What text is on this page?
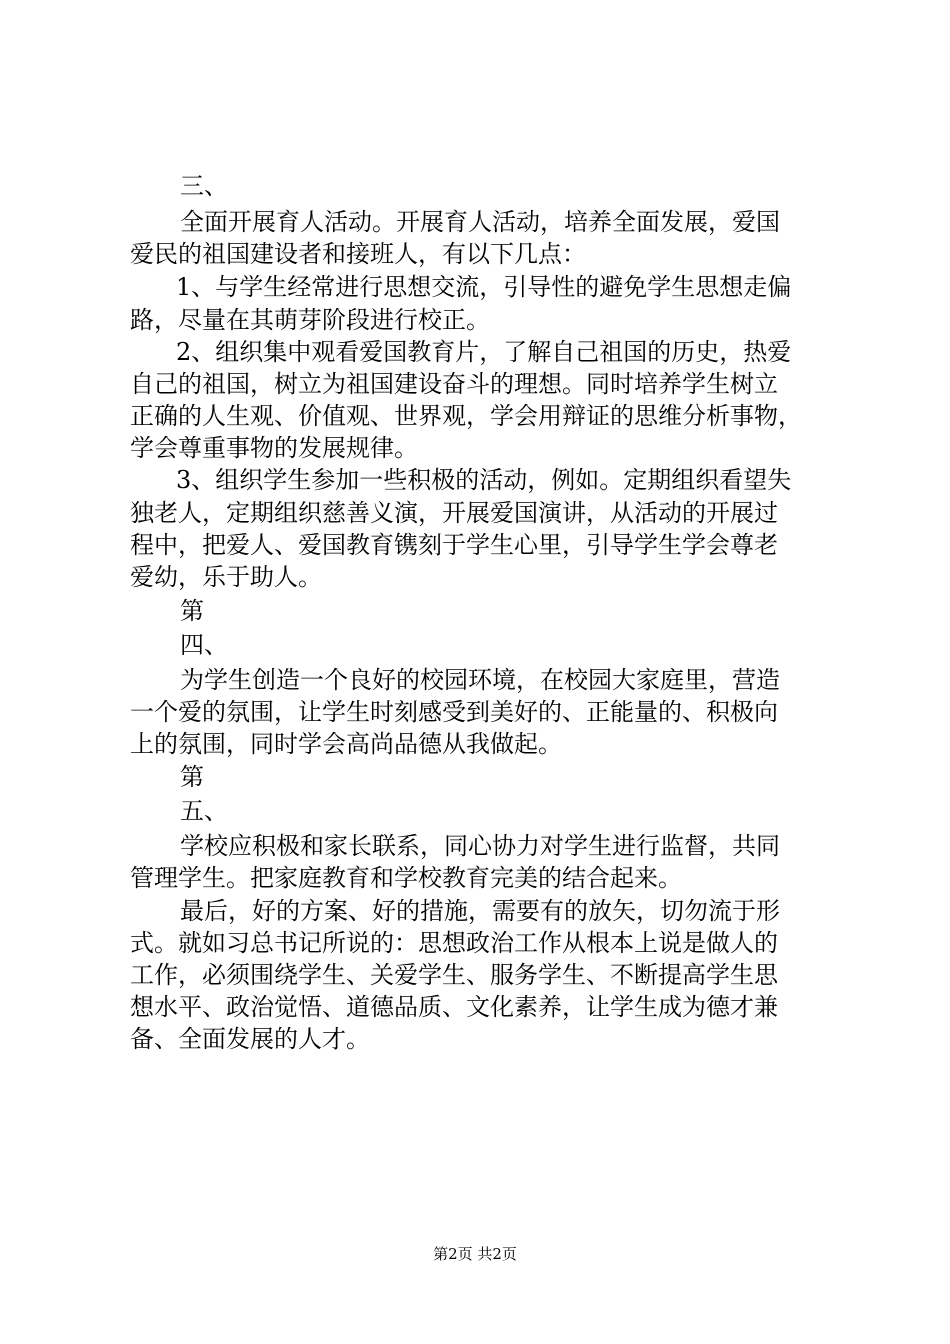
三、
全面开展育人活动。开展育人活动，培养全面发展，爱国
爱民的祖国建设者和接班人，有以下几点：
1、与学生经常进行思想交流，引导性的避免学生思想走偏
路，尽量在其萌芽阶段进行校正。
2、组织集中观看爱国教育片，了解自己祖国的历史，热爱
自己的祖国，树立为祖国建设奋斗的理想。同时培养学生树立
正确的人生观、价值观、世界观，学会用辩证的思维分析事物，
学会尊重事物的发展规律。
3、组织学生参加一些积极的活动，例如。定期组织看望失
独老人，定期组织慈善义演，开展爱国演讲，从活动的开展过
程中，把爱人、爱国教育镌刻于学生心里，引导学生学会尊老
爱幼，乐于助人。
第
四、
为学生创造一个良好的校园环境，在校园大家庭里，营造
一个爱的氛围，让学生时刻感受到美好的、正能量的、积极向
上的氛围，同时学会高尚品德从我做起。
第
五、
学校应积极和家长联系，同心协力对学生进行监督，共同
管理学生。把家庭教育和学校教育完美的结合起来。
最后，好的方案、好的措施，需要有的放矢，切勿流于形
式。就如习总书记所说的：思想政治工作从根本上说是做人的
工作，必须围绕学生、关爱学生、服务学生、不断提高学生思
想水平、政治觉悟、道德品质、文化素养，让学生成为德才兼
备、全面发展的人才。
第2页 共2页
